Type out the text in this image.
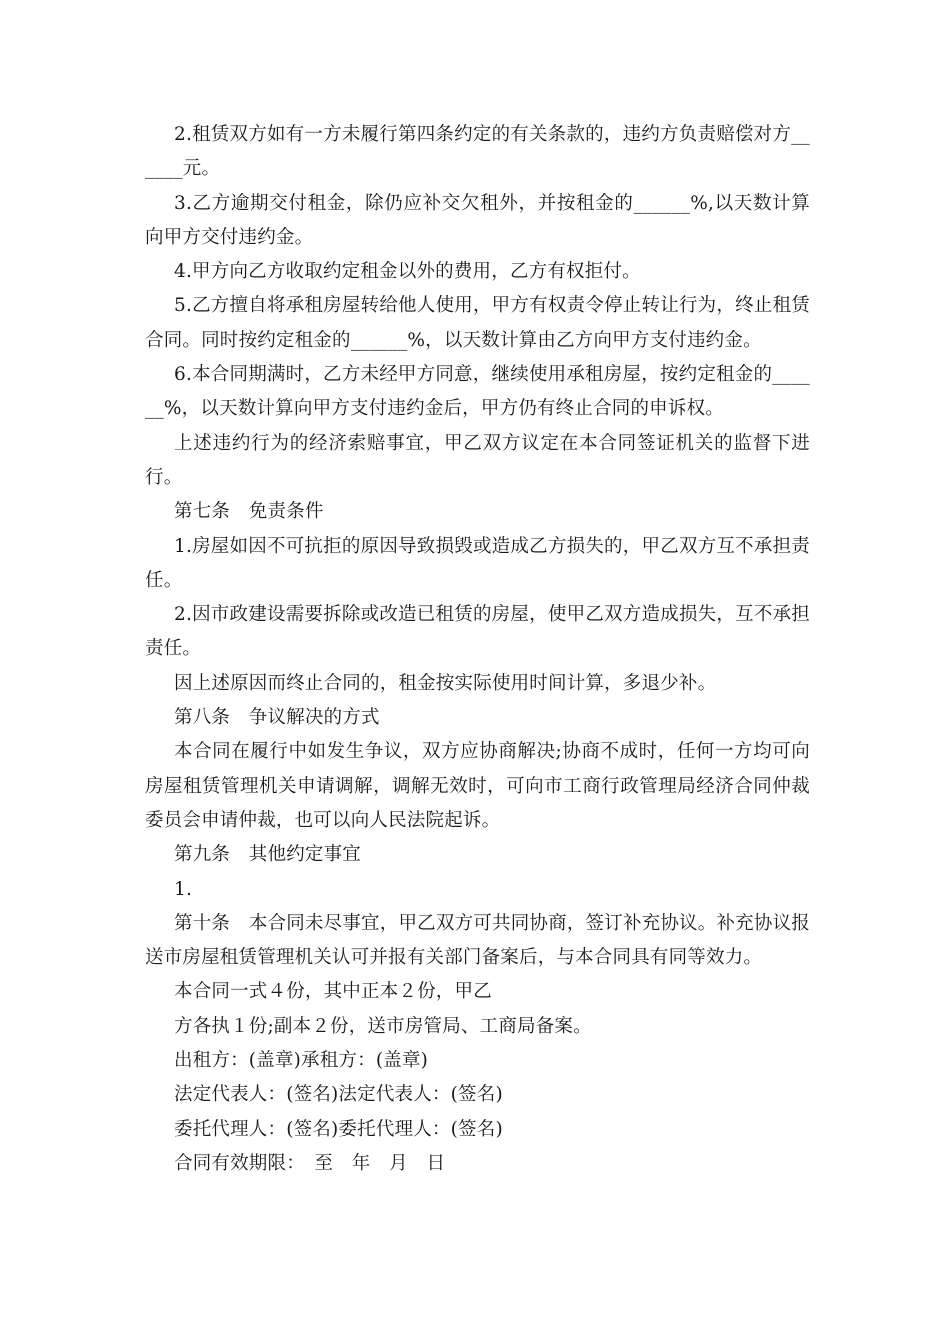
2.租赁双方如有一方未履行第四条约定的有关条款的，违约方负责赔偿对方______元。

3.乙方逾期交付租金，除仍应补交欠租外，并按租金的______%,以天数计算向甲方交付违约金。

4.甲方向乙方收取约定租金以外的费用，乙方有权拒付。

5.乙方擅自将承租房屋转给他人使用，甲方有权责令停止转让行为，终止租赁合同。同时按约定租金的______%，以天数计算由乙方向甲方支付违约金。

6.本合同期满时，乙方未经甲方同意，继续使用承租房屋，按约定租金的______%，以天数计算向甲方支付违约金后，甲方仍有终止合同的申诉权。

上述违约行为的经济索赔事宜，甲乙双方议定在本合同签证机关的监督下进行。

第七条　免责条件

1.房屋如因不可抗拒的原因导致损毁或造成乙方损失的，甲乙双方互不承担责任。

2.因市政建设需要拆除或改造已租赁的房屋，使甲乙双方造成损失，互不承担责任。

因上述原因而终止合同的，租金按实际使用时间计算，多退少补。

第八条　争议解决的方式

本合同在履行中如发生争议，双方应协商解决;协商不成时，任何一方均可向房屋租赁管理机关申请调解，调解无效时，可向市工商行政管理局经济合同仲裁委员会申请仲裁，也可以向人民法院起诉。

第九条　其他约定事宜

1.

第十条　本合同未尽事宜，甲乙双方可共同协商，签订补充协议。补充协议报送市房屋租赁管理机关认可并报有关部门备案后，与本合同具有同等效力。

本合同一式４份，其中正本２份，甲乙

方各执１份;副本２份，送市房管局、工商局备案。

出租方：(盖章)承租方：(盖章)

法定代表人：(签名)法定代表人：(签名)

委托代理人：(签名)委托代理人：(签名)

合同有效期限：　至　年　月　日
